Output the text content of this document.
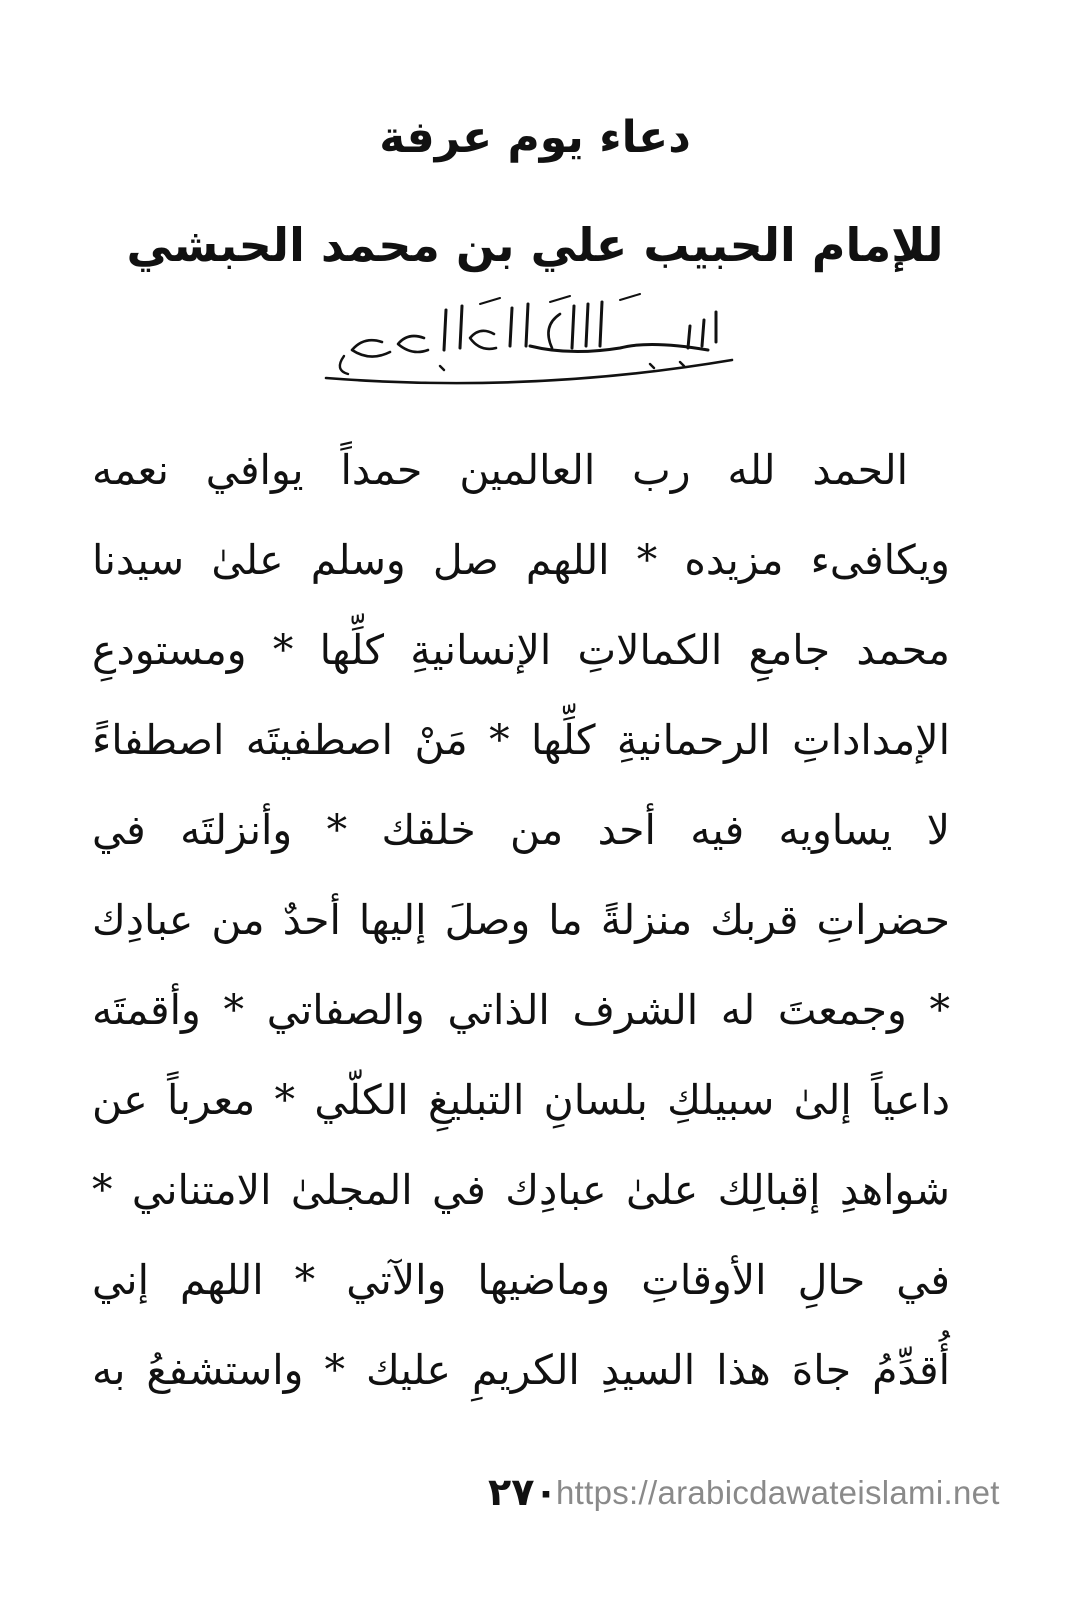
دعاء يوم عرفة
للإمام الحبيب علي بن محمد الحبشي
الحمد لله رب العالمين حمداً يوافي نعمه
ويكافىء مزيده * اللهم صل وسلم علىٰ سيدنا
محمد جامعِ الكمالاتِ الإنسانيةِ كلِّها * ومستودعِ
الإمداداتِ الرحمانيةِ كلِّها * مَنْ اصطفيتَه اصطفاءً
لا يساويه فيه أحد من خلقك * وأنزلتَه في
حضراتِ قربك منزلةً ما وصلَ إليها أحدٌ من عبادِك
* وجمعتَ له الشرف الذاتي والصفاتي * وأقمتَه
داعياً إلىٰ سبيلكِ بلسانِ التبليغِ الكلّي * معرباً عن
شواهدِ إقبالِك علىٰ عبادِك في المجلىٰ الامتناني *
في حالِ الأوقاتِ وماضيها والآتي * اللهم إني
أُقدِّمُ جاهَ هذا السيدِ الكريمِ عليك * واستشفعُ به
٢٧٠
https://arabicdawateislami.net
